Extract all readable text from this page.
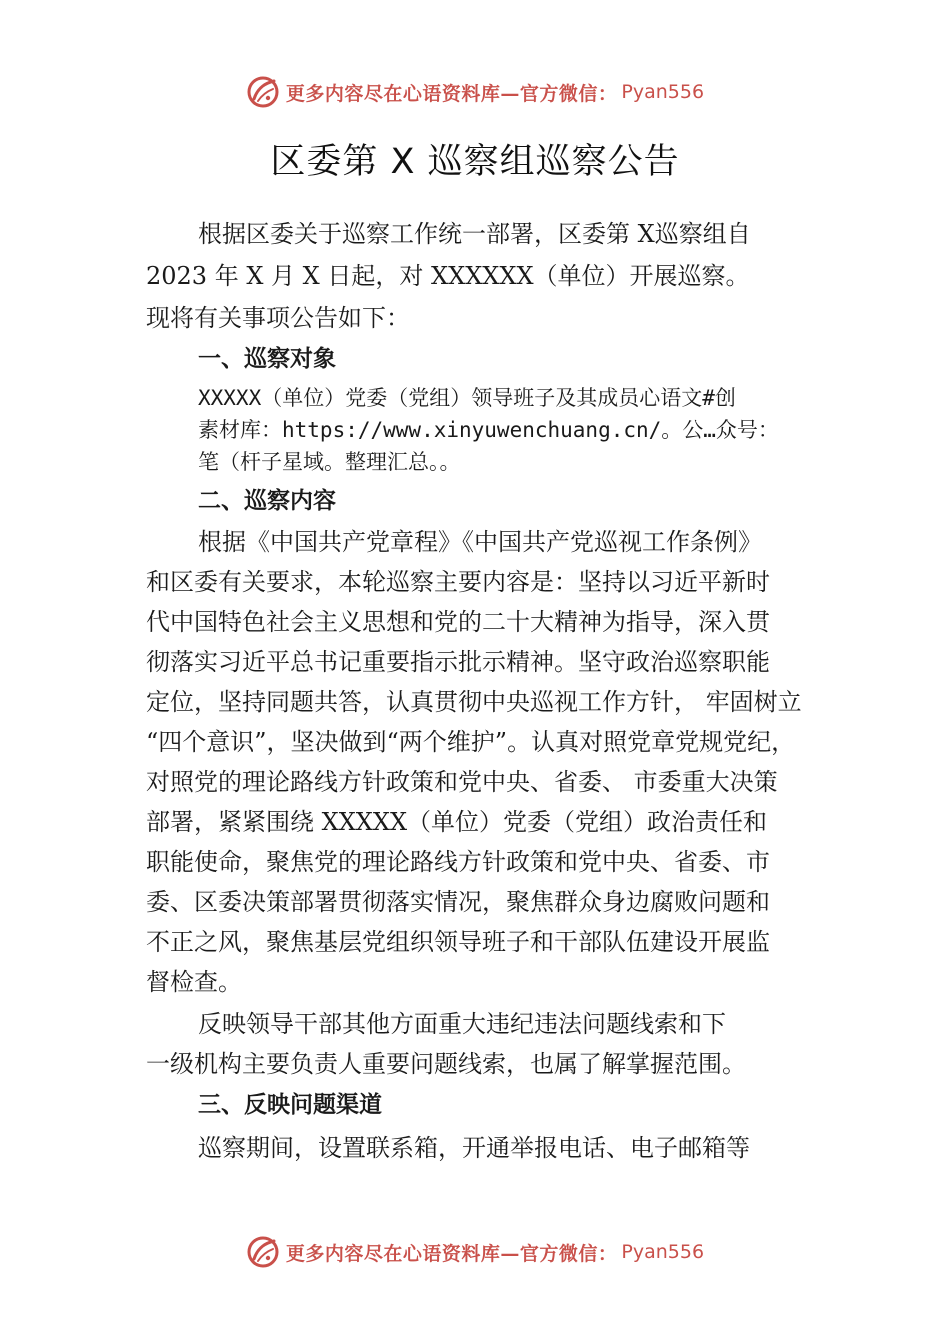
更多内容尽在心语资料库—官方微信： Pyan556
区委第 X 巡察组巡察公告
根据区委关于巡察工作统一部署，区委第 X巡察组自
2023 年 X 月 X 日起，对 XXXXXX（单位）开展巡察。
现将有关事项公告如下：
一、巡察对象
XXXXX（单位）党委（党组）领导班子及其成员心语文#创
素材库：https://www.xinyuwenchuang.cn/。公…众号：
笔（杆子星域。整理汇总。。
二、巡察内容
根据《中国共产党章程》《中国共产党巡视工作条例》
和区委有关要求，本轮巡察主要内容是：坚持以习近平新时
代中国特色社会主义思想和党的二十大精神为指导，深入贯
彻落实习近平总书记重要指示批示精神。坚守政治巡察职能
定位，坚持同题共答，认真贯彻中央巡视工作方针， 牢固树立
“四个意识”，坚决做到“两个维护”。认真对照党章党规党纪，
对照党的理论路线方针政策和党中央、省委、 市委重大决策
部署，紧紧围绕 XXXXX（单位）党委（党组）政治责任和
职能使命，聚焦党的理论路线方针政策和党中央、省委、市
委、区委决策部署贯彻落实情况，聚焦群众身边腐败问题和
不正之风，聚焦基层党组织领导班子和干部队伍建设开展监
督检查。
反映领导干部其他方面重大违纪违法问题线索和下
一级机构主要负责人重要问题线索，也属了解掌握范围。
三、反映问题渠道
巡察期间，设置联系箱，开通举报电话、电子邮箱等
更多内容尽在心语资料库—官方微信： Pyan556
